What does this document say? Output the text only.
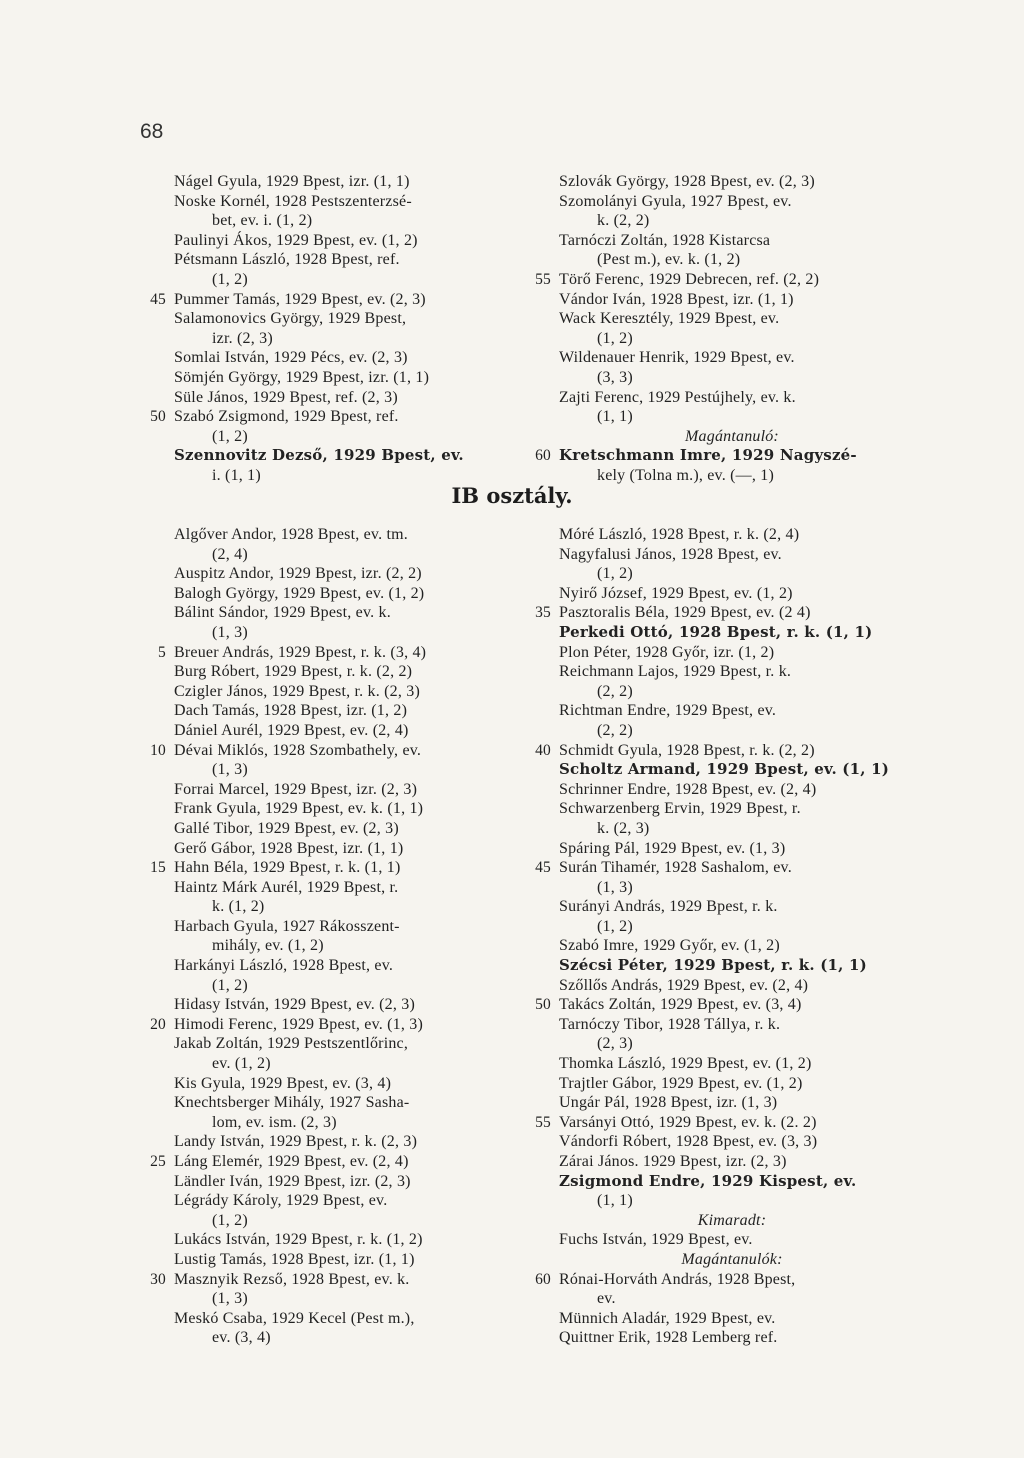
68
Nágel Gyula, 1929 Bpest, izr. (1, 1)
Noske Kornél, 1928 Pestszenterzsé-
bet, ev. i. (1, 2)
Paulinyi Ákos, 1929 Bpest, ev. (1, 2)
Pétsmann László, 1928 Bpest, ref.
(1, 2)
45 Pummer Tamás, 1929 Bpest, ev. (2, 3)
Salamonovics György, 1929 Bpest,
izr. (2, 3)
Somlai István, 1929 Pécs, ev. (2, 3)
Sömjén György, 1929 Bpest, izr. (1, 1)
Süle János, 1929 Bpest, ref. (2, 3)
50 Szabó Zsigmond, 1929 Bpest, ref.
(1, 2)
Szennovitz Dezső, 1929 Bpest, ev.
i. (1, 1)
Szlovák György, 1928 Bpest, ev. (2, 3)
Szomolányi Gyula, 1927 Bpest, ev.
k. (2, 2)
Tarnóczi Zoltán, 1928 Kistarcsa
(Pest m.), ev. k. (1, 2)
55 Törő Ferenc, 1929 Debrecen, ref. (2, 2)
Vándor Iván, 1928 Bpest, izr. (1, 1)
Wack Keresztély, 1929 Bpest, ev.
(1, 2)
Wildenauer Henrik, 1929 Bpest, ev.
(3, 3)
Zajti Ferenc, 1929 Pestújhely, ev. k.
(1, 1)
Magántanuló:
60 Kretschmann Imre, 1929 Nagyszé-
kely (Tolna m.), ev. (—, 1)
IB osztály.
Algőver Andor, 1928 Bpest, ev. tm.
(2, 4)
Auspitz Andor, 1929 Bpest, izr. (2, 2)
Balogh György, 1929 Bpest, ev. (1, 2)
Bálint Sándor, 1929 Bpest, ev. k.
(1, 3)
5 Breuer András, 1929 Bpest, r. k. (3, 4)
Burg Róbert, 1929 Bpest, r. k. (2, 2)
Czigler János, 1929 Bpest, r. k. (2, 3)
Dach Tamás, 1928 Bpest, izr. (1, 2)
Dániel Aurél, 1929 Bpest, ev. (2, 4)
10 Dévai Miklós, 1928 Szombathely, ev.
(1, 3)
Forrai Marcel, 1929 Bpest, izr. (2, 3)
Frank Gyula, 1929 Bpest, ev. k. (1, 1)
Gallé Tibor, 1929 Bpest, ev. (2, 3)
Gerő Gábor, 1928 Bpest, izr. (1, 1)
15 Hahn Béla, 1929 Bpest, r. k. (1, 1)
Haintz Márk Aurél, 1929 Bpest, r.
k. (1, 2)
Harbach Gyula, 1927 Rákosszent-
mihály, ev. (1, 2)
Harkányi László, 1928 Bpest, ev.
(1, 2)
Hidasy István, 1929 Bpest, ev. (2, 3)
20 Himodi Ferenc, 1929 Bpest, ev. (1, 3)
Jakab Zoltán, 1929 Pestszentlőrinc,
ev. (1, 2)
Kis Gyula, 1929 Bpest, ev. (3, 4)
Knechtsberger Mihály, 1927 Sasha-
lom, ev. ism. (2, 3)
Landy István, 1929 Bpest, r. k. (2, 3)
25 Láng Elemér, 1929 Bpest, ev. (2, 4)
Ländler Iván, 1929 Bpest, izr. (2, 3)
Légrády Károly, 1929 Bpest, ev.
(1, 2)
Lukács István, 1929 Bpest, r. k. (1, 2)
Lustig Tamás, 1928 Bpest, izr. (1, 1)
30 Masznyik Rezső, 1928 Bpest, ev. k.
(1, 3)
Meskó Csaba, 1929 Kecel (Pest m.),
ev. (3, 4)
Móré László, 1928 Bpest, r. k. (2, 4)
Nagyfalusi János, 1928 Bpest, ev.
(1, 2)
Nyirő József, 1929 Bpest, ev. (1, 2)
35 Pasztoralis Béla, 1929 Bpest, ev. (2 4)
Perkedi Ottó, 1928 Bpest, r. k. (1, 1)
Plon Péter, 1928 Győr, izr. (1, 2)
Reichmann Lajos, 1929 Bpest, r. k.
(2, 2)
Richtman Endre, 1929 Bpest, ev.
(2, 2)
40 Schmidt Gyula, 1928 Bpest, r. k. (2, 2)
Scholtz Armand, 1929 Bpest, ev. (1, 1)
Schrinner Endre, 1928 Bpest, ev. (2, 4)
Schwarzenberg Ervin, 1929 Bpest, r.
k. (2, 3)
Spáring Pál, 1929 Bpest, ev. (1, 3)
45 Surán Tihamér, 1928 Sashalom, ev.
(1, 3)
Surányi András, 1929 Bpest, r. k.
(1, 2)
Szabó Imre, 1929 Győr, ev. (1, 2)
Szécsi Péter, 1929 Bpest, r. k. (1, 1)
Szőllős András, 1929 Bpest, ev. (2, 4)
50 Takács Zoltán, 1929 Bpest, ev. (3, 4)
Tarnóczy Tibor, 1928 Tállya, r. k.
(2, 3)
Thomka László, 1929 Bpest, ev. (1, 2)
Trajtler Gábor, 1929 Bpest, ev. (1, 2)
Ungár Pál, 1928 Bpest, izr. (1, 3)
55 Varsányi Ottó, 1929 Bpest, ev. k. (2. 2)
Vándorfi Róbert, 1928 Bpest, ev. (3, 3)
Zárai János. 1929 Bpest, izr. (2, 3)
Zsigmond Endre, 1929 Kispest, ev.
(1, 1)
Kimaradt:
Fuchs István, 1929 Bpest, ev.
Magántanulók:
60 Rónai-Horváth András, 1928 Bpest,
ev.
Münnich Aladár, 1929 Bpest, ev.
Quittner Erik, 1928 Lemberg ref.
